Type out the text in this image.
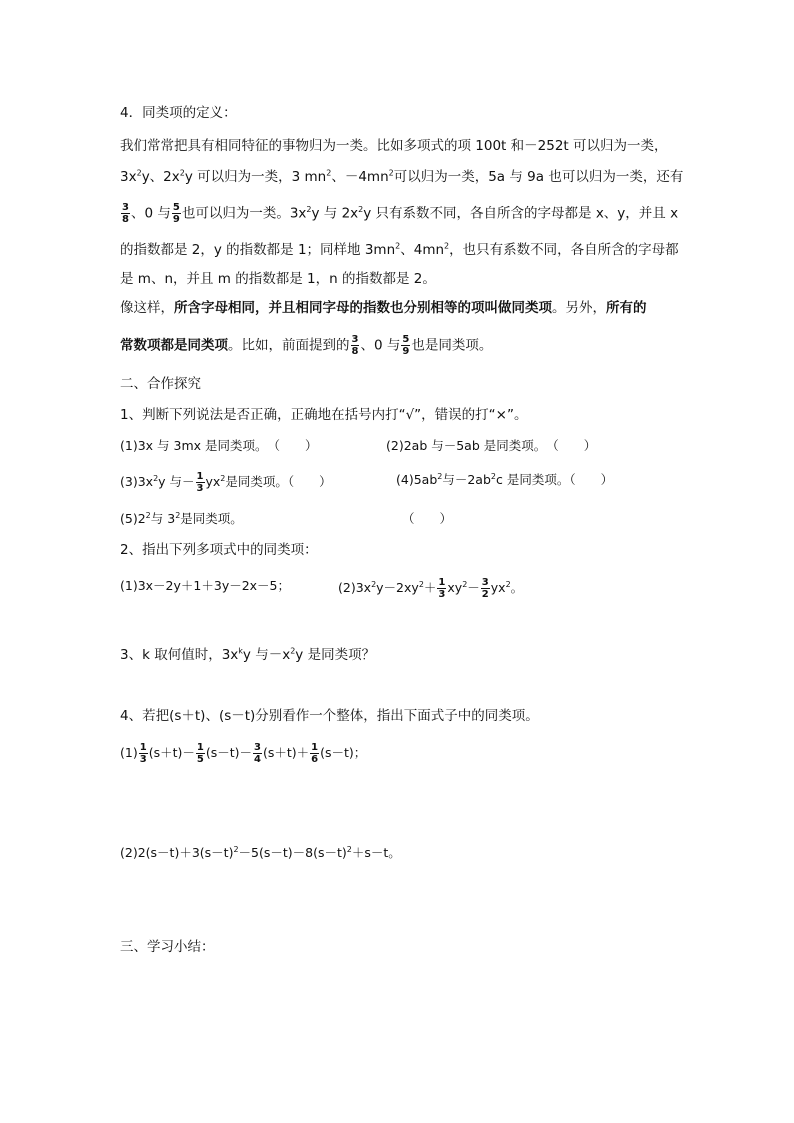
4．同类项的定义：
我们常常把具有相同特征的事物归为一类。比如多项式的项 100t 和－252t 可以归为一类，
$3x^2y$、$2x^2y$ 可以归为一类，3 $mn^2$、$-4mn^2$可以归为一类，5a 与 9a 也可以归为一类，还有
$\frac{3}{8}$ 、0 与 $\frac{5}{9}$ 也可以归为一类。$3x^2y$ 与 $2x^2y$ 只有系数不同，各自所含的字母都是 x、y，并且 x
的指数都是 2，y 的指数都是 1；同样地 $3mn^2$、$4mn^2$，也只有系数不同，各自所含的字母都
是 m、n，并且 m 的指数都是 1，n 的指数都是 2。
像这样，所含字母相同，并且相同字母的指数也分别相等的项叫做同类项。另外，所有的
常数项都是同类项。比如，前面提到的 $\frac{3}{8}$ 、0 与 $\frac{5}{9}$ 也是同类项。
二、合作探究
1、判断下列说法是否正确，正确地在括号内打“√”，错误的打“×”。
(1)3x 与 3mx 是同类项。　（　　）	(2)2ab 与－5ab 是同类项。　（　　）
$(3)3x^2y$ 与－ $\frac{1}{3} yx^2$是同类项。（　　）	$(4)5ab^2$与$-2ab^2c$ 是同类项。（　　）
$(5)2^2$与 $3^2$是同类项。	（　　）
2、指出下列多项式中的同类项：
(1)3x－2y＋1＋3y－2x－5；	$(2)3x^2y-2xy^2+ \frac{1}{3} xy^2- \frac{3}{2} yx^2$。
3、k 取何值时，$3x^ky$ 与$-x^2y$ 是同类项？
4、若把(s＋t)、(s－t)分别看作一个整体，指出下面式子中的同类项。
$(1) \frac{1}{3} (s+t)- \frac{1}{5} (s-t)- \frac{3}{4} (s+t)+ \frac{1}{6} (s-t)$；
$(2)2(s-t)+3(s-t)^2-5(s-t)-8(s-t)^2+s-t$。
三、学习小结：
